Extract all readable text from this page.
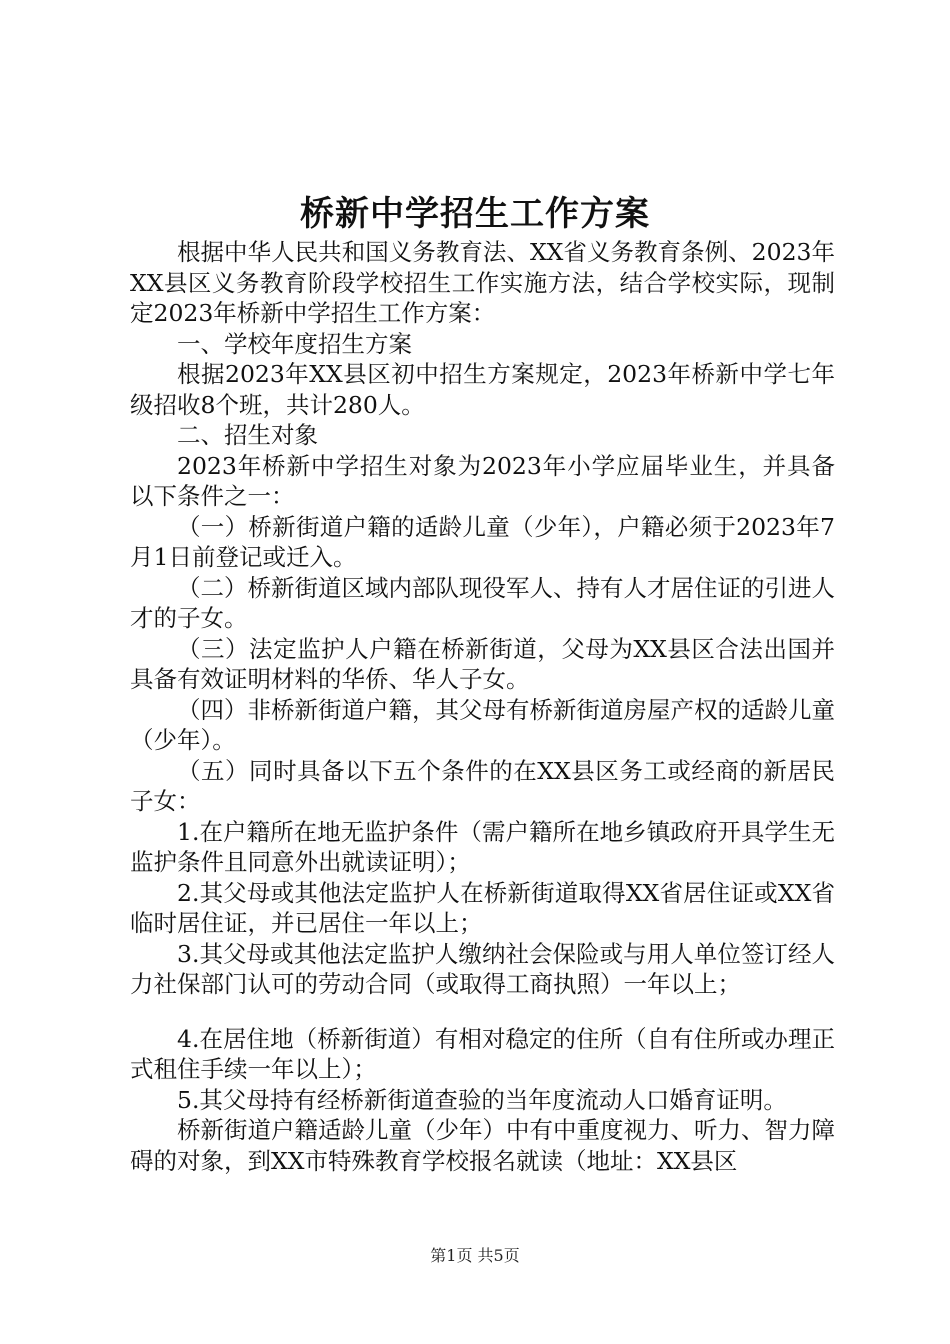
桥新中学招生工作方案

根据中华人民共和国义务教育法、XX省义务教育条例、2023年XX县区义务教育阶段学校招生工作实施方法，结合学校实际，现制定2023年桥新中学招生工作方案：

一、学校年度招生方案

根据2023年XX县区初中招生方案规定，2023年桥新中学七年级招收8个班，共计280人。

二、招生对象

2023年桥新中学招生对象为2023年小学应届毕业生，并具备以下条件之一：

（一）桥新街道户籍的适龄儿童（少年），户籍必须于2023年7月1日前登记或迁入。

（二）桥新街道区域内部队现役军人、持有人才居住证的引进人才的子女。

（三）法定监护人户籍在桥新街道，父母为XX县区合法出国并具备有效证明材料的华侨、华人子女。

（四）非桥新街道户籍，其父母有桥新街道房屋产权的适龄儿童（少年）。

（五）同时具备以下五个条件的在XX县区务工或经商的新居民子女：

1.在户籍所在地无监护条件（需户籍所在地乡镇政府开具学生无监护条件且同意外出就读证明）；

2.其父母或其他法定监护人在桥新街道取得XX省居住证或XX省临时居住证，并已居住一年以上；

3.其父母或其他法定监护人缴纳社会保险或与用人单位签订经人力社保部门认可的劳动合同（或取得工商执照）一年以上；

4.在居住地（桥新街道）有相对稳定的住所（自有住所或办理正式租住手续一年以上）；

5.其父母持有经桥新街道查验的当年度流动人口婚育证明。

桥新街道户籍适龄儿童（少年）中有中重度视力、听力、智力障碍的对象，到XX市特殊教育学校报名就读（地址：XX县区

第1页 共5页
